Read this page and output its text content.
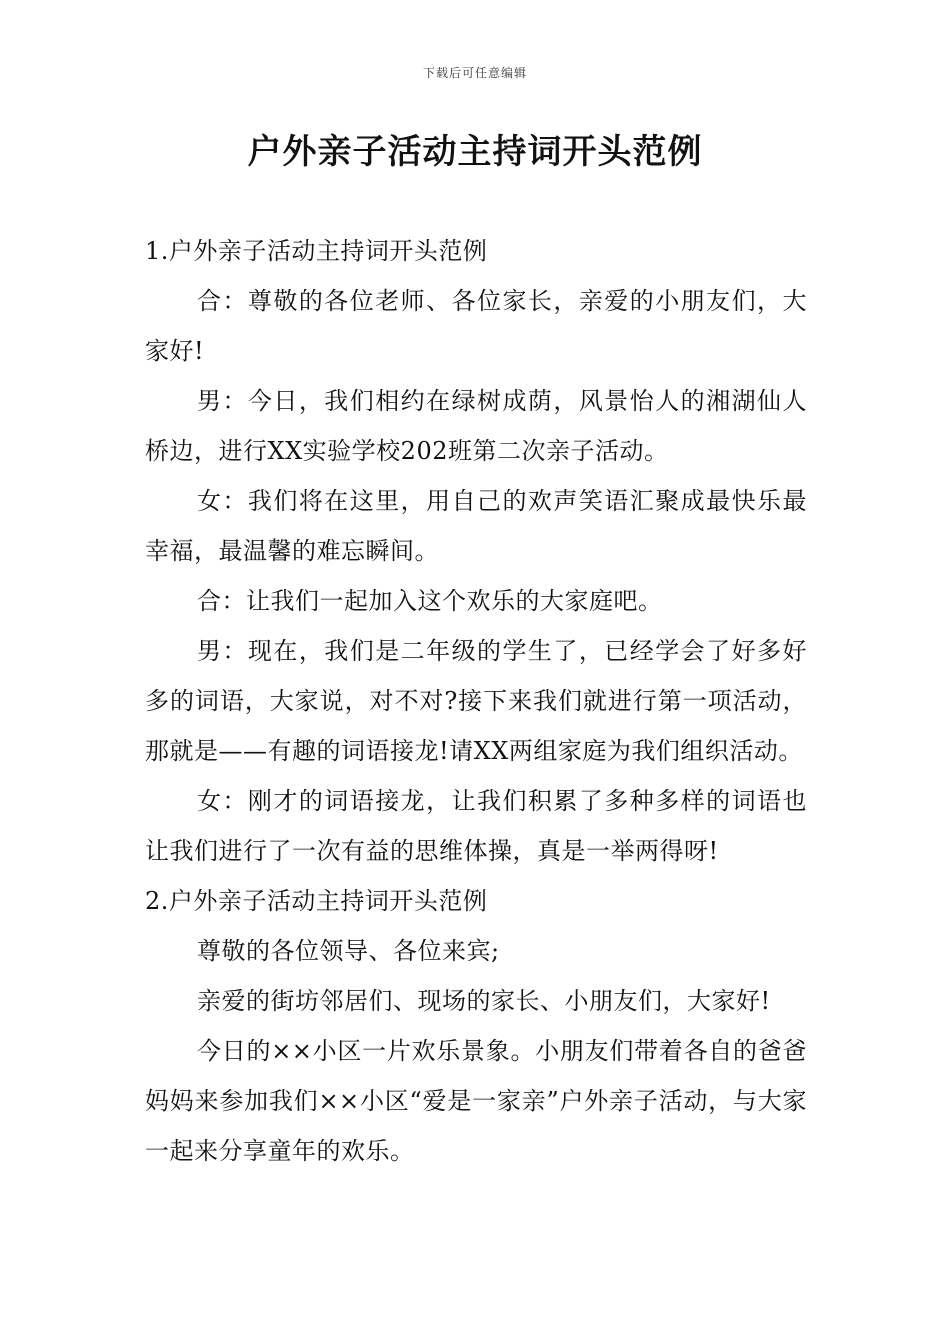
下载后可任意编辑
户外亲子活动主持词开头范例

1.户外亲子活动主持词开头范例

合：尊敬的各位老师、各位家长，亲爱的小朋友们，大家好!

男：今日，我们相约在绿树成荫，风景怡人的湘湖仙人桥边，进行XX实验学校202班第二次亲子活动。

女：我们将在这里，用自己的欢声笑语汇聚成最快乐最幸福，最温馨的难忘瞬间。

合：让我们一起加入这个欢乐的大家庭吧。

男：现在，我们是二年级的学生了，已经学会了好多好多的词语，大家说，对不对?接下来我们就进行第一项活动，那就是——有趣的词语接龙!请XX两组家庭为我们组织活动。

女：刚才的词语接龙，让我们积累了多种多样的词语也让我们进行了一次有益的思维体操，真是一举两得呀!

2.户外亲子活动主持词开头范例

尊敬的各位领导、各位来宾;

亲爱的街坊邻居们、现场的家长、小朋友们，大家好!

今日的××小区一片欢乐景象。小朋友们带着各自的爸爸妈妈来参加我们××小区“爱是一家亲”户外亲子活动，与大家一起来分享童年的欢乐。
